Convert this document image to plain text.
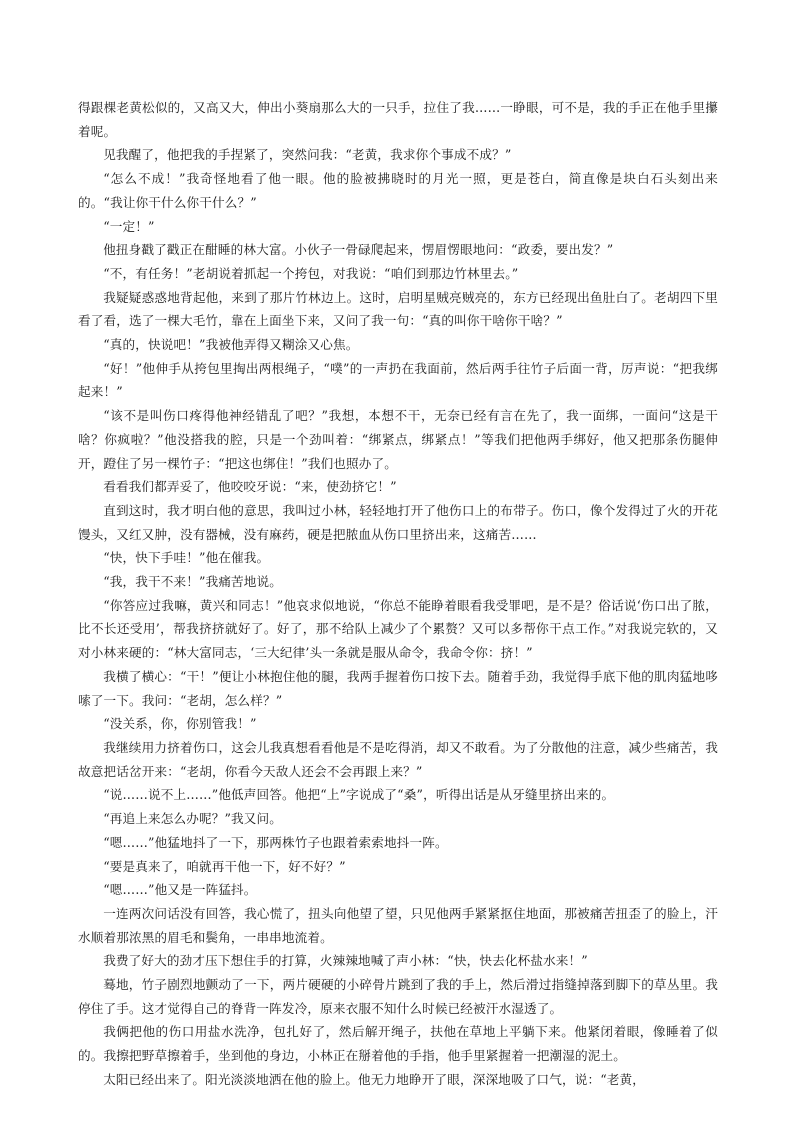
得跟棵老黄松似的，又高又大，伸出小葵扇那么大的一只手，拉住了我……一睁眼，可不是，我的手正在他手里攥着呢。

见我醒了，他把我的手捏紧了，突然问我：“老黄，我求你个事成不成？”

“怎么不成！”我奇怪地看了他一眼。他的脸被拂晓时的月光一照，更是苍白，简直像是块白石头刻出来的。“我让你干什么你干什么？”

“一定！”

他扭身戳了戳正在酣睡的林大富。小伙子一骨碌爬起来，愣眉愣眼地问：“政委，要出发？”

“不，有任务！”老胡说着抓起一个挎包，对我说：“咱们到那边竹林里去。”

我疑疑惑惑地背起他，来到了那片竹林边上。这时，启明星贼亮贼亮的，东方已经现出鱼肚白了。老胡四下里看了看，选了一棵大毛竹，靠在上面坐下来，又问了我一句：“真的叫你干啥你干啥？”

“真的，快说吧！”我被他弄得又糊涂又心焦。

“好！”他伸手从挎包里掏出两根绳子，“噗”的一声扔在我面前，然后两手往竹子后面一背，厉声说：“把我绑起来！”

“该不是叫伤口疼得他神经错乱了吧？”我想，本想不干，无奈已经有言在先了，我一面绑，一面问“这是干啥？你疯啦？”他没搭我的腔，只是一个劲叫着：“绑紧点，绑紧点！”等我们把他两手绑好，他又把那条伤腿伸开，蹬住了另一棵竹子：“把这也绑住！”我们也照办了。

看看我们都弄妥了，他咬咬牙说：“来，使劲挤它！”

直到这时，我才明白他的意思，我叫过小林，轻轻地打开了他伤口上的布带子。伤口，像个发得过了火的开花馒头，又红又肿，没有器械，没有麻药，硬是把脓血从伤口里挤出来，这痛苦……

“快，快下手哇！”他在催我。

“我，我干不来！”我痛苦地说。

“你答应过我嘛，黄兴和同志！”他哀求似地说，“你总不能睁着眼看我受罪吧，是不是？俗话说‘伤口出了脓，比不长还受用’，帮我挤挤就好了。好了，那不给队上减少了个累赘？又可以多帮你干点工作。”对我说完软的，又对小林来硬的：“林大富同志，‘三大纪律’头一条就是服从命令，我命令你：挤！”

我横了横心：“干！”便让小林抱住他的腿，我两手握着伤口按下去。随着手劲，我觉得手底下他的肌肉猛地哆嗦了一下。我问：“老胡，怎么样？”

“没关系，你，你别管我！”

我继续用力挤着伤口，这会儿我真想看看他是不是吃得消，却又不敢看。为了分散他的注意，减少些痛苦，我故意把话岔开来：“老胡，你看今天敌人还会不会再跟上来？”

“说……说不上……”他低声回答。他把“上”字说成了“桑”，听得出话是从牙缝里挤出来的。

“再追上来怎么办呢？”我又问。

“嗯……”他猛地抖了一下，那两株竹子也跟着索索地抖一阵。

“要是真来了，咱就再干他一下，好不好？”

“嗯……”他又是一阵猛抖。

一连两次问话没有回答，我心慌了，扭头向他望了望，只见他两手紧紧抠住地面，那被痛苦扭歪了的脸上，汗水顺着那浓黑的眉毛和鬓角，一串串地流着。

我费了好大的劲才压下想住手的打算，火辣辣地喊了声小林：“快，快去化杯盐水来！”

蓦地，竹子剧烈地颤动了一下，两片硬硬的小碎骨片跳到了我的手上，然后滑过指缝掉落到脚下的草丛里。我停住了手。这才觉得自己的脊背一阵发冷，原来衣服不知什么时候已经被汗水湿透了。

我俩把他的伤口用盐水洗净，包扎好了，然后解开绳子，扶他在草地上平躺下来。他紧闭着眼，像睡着了似的。我擦把野草擦着手，坐到他的身边，小林正在掰着他的手指，他手里紧握着一把潮湿的泥土。

太阳已经出来了。阳光淡淡地洒在他的脸上。他无力地睁开了眼，深深地吸了口气，说：“老黄，
